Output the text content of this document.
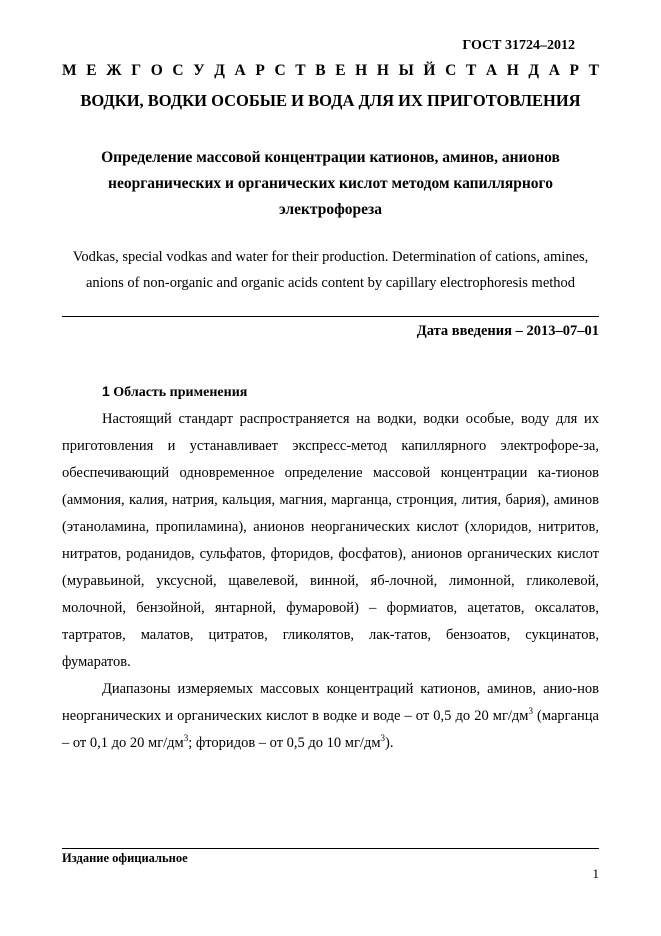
ГОСТ 31724–2012
М Е Ж Г О С У Д А Р С Т В Е Н Н Ы Й С Т А Н Д А Р Т
ВОДКИ, ВОДКИ ОСОБЫЕ И ВОДА ДЛЯ ИХ ПРИГОТОВЛЕНИЯ
Определение массовой концентрации катионов, аминов, анионов неорганических и органических кислот методом капиллярного электрофореза
Vodkas, special vodkas and water for their production. Determination of cations, amines, anions of non-organic and organic acids content by capillary electrophoresis method
Дата введения – 2013–07–01
1 Область применения

Настоящий стандарт распространяется на водки, водки особые, воду для их приготовления и устанавливает экспресс-метод капиллярного электрофоре-за, обеспечивающий одновременное определение массовой концентрации ка-тионов (аммония, калия, натрия, кальция, магния, марганца, стронция, лития, бария), аминов (этаноламина, пропиламина), анионов неорганических кислот (хлоридов, нитритов, нитратов, роданидов, сульфатов, фторидов, фосфатов), анионов органических кислот (муравьиной, уксусной, щавелевой, винной, яб-лочной, лимонной, гликолевой, молочной, бензойной, янтарной, фумаровой) – формиатов, ацетатов, оксалатов, тартратов, малатов, цитратов, гликолятов, лак-татов, бензоатов, сукцинатов, фумаратов.

Диапазоны измеряемых массовых концентраций катионов, аминов, анио-нов неорганических и органических кислот в водке и воде – от 0,5 до 20 $мг/дм^3$ (марганца – от 0,1 до 20 $мг/дм^3$; фторидов – от 0,5 до 10 $мг/дм^3$).

Издание официальное
1
